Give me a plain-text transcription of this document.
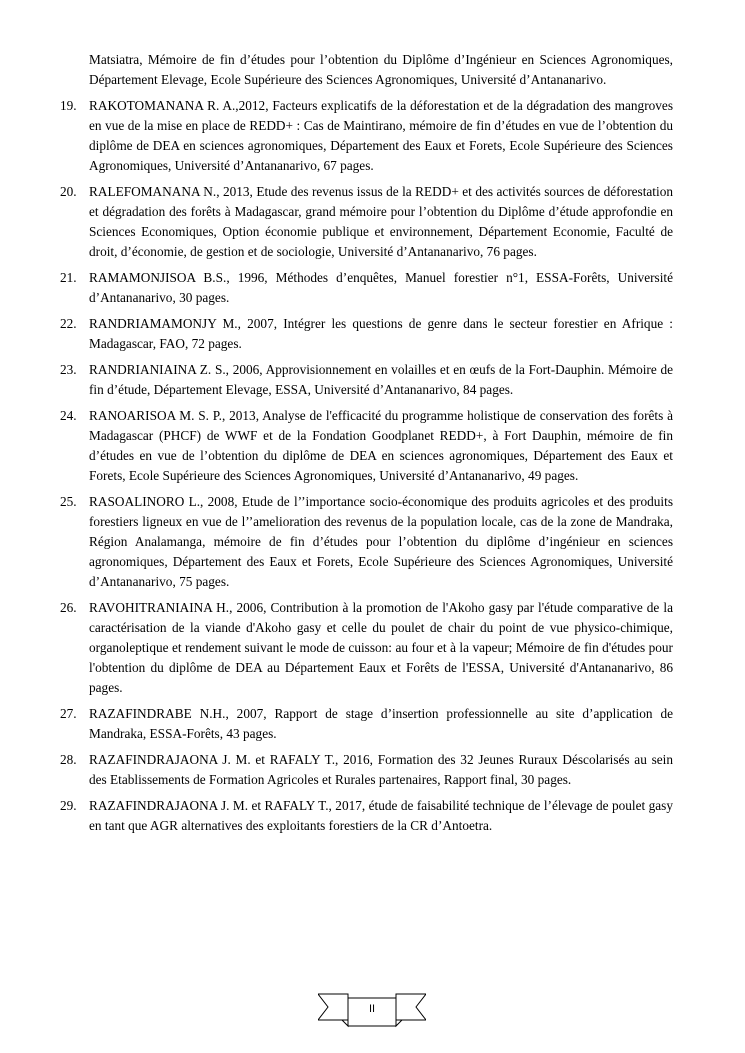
Matsiatra, Mémoire de fin d’études pour l’obtention du Diplôme d’Ingénieur en Sciences Agronomiques, Département Elevage, Ecole Supérieure des Sciences Agronomiques, Université d’Antananarivo.

19. RAKOTOMANANA R. A.,2012, Facteurs explicatifs de la déforestation et de la dégradation des mangroves en vue de la mise en place de REDD+ : Cas de Maintirano, mémoire de fin d’études en vue de l’obtention du diplôme de DEA en sciences agronomiques, Département des Eaux et Forets, Ecole Supérieure des Sciences Agronomiques, Université d’Antananarivo, 67 pages.
20. RALEFOMANANA N., 2013, Etude des revenus issus de la REDD+ et des activités sources de déforestation et dégradation des forêts à Madagascar, grand mémoire pour l’obtention du Diplôme d’étude approfondie en Sciences Economiques, Option économie publique et environnement, Département Economie, Faculté de droit, d’économie, de gestion et de sociologie, Université d’Antananarivo, 76 pages.
21. RAMAMONJISOA B.S., 1996, Méthodes d’enquêtes, Manuel forestier n°1, ESSA-Forêts, Université d’Antananarivo, 30 pages.
22. RANDRIAMAMONJY M., 2007, Intégrer les questions de genre dans le secteur forestier en Afrique : Madagascar, FAO, 72 pages.
23. RANDRIANIAINA Z. S., 2006, Approvisionnement en volailles et en œufs de la Fort-Dauphin. Mémoire de fin d’étude, Département Elevage, ESSA, Université d’Antananarivo, 84 pages.
24. RANOARISOA M. S. P., 2013, Analyse de l'efficacité du programme holistique de conservation des forêts à Madagascar (PHCF) de WWF et de la Fondation Goodplanet REDD+, à Fort Dauphin, mémoire de fin d’études en vue de l’obtention du diplôme de DEA en sciences agronomiques, Département des Eaux et Forets, Ecole Supérieure des Sciences Agronomiques, Université d’Antananarivo, 49 pages.
25. RASOALINORO L., 2008, Etude de l’’importance socio-économique des produits agricoles et des produits forestiers ligneux en vue de l’’amelioration des revenus de la population locale, cas de la zone de Mandraka, Région Analamanga, mémoire de fin d’études pour l’obtention du diplôme d’ingénieur en sciences agronomiques, Département des Eaux et Forets, Ecole Supérieure des Sciences Agronomiques, Université d’Antananarivo, 75 pages.
26. RAVOHITRANIAINA H., 2006, Contribution à la promotion de l'Akoho gasy par l'étude comparative de la caractérisation de la viande d'Akoho gasy et celle du poulet de chair du point de vue physico-chimique, organoleptique et rendement suivant le mode de cuisson: au four et à la vapeur; Mémoire de fin d'études pour l'obtention du diplôme de DEA au Département Eaux et Forêts de l'ESSA, Université d'Antananarivo, 86 pages.
27. RAZAFINDRABE N.H., 2007, Rapport de stage d’insertion professionnelle au site d’application de Mandraka, ESSA-Forêts, 43 pages.
28. RAZAFINDRAJAONA J. M. et RAFALY T., 2016, Formation des 32 Jeunes Ruraux Déscolarisés au sein des Etablissements de Formation Agricoles et Rurales partenaires, Rapport final, 30 pages.
29. RAZAFINDRAJAONA J. M. et RAFALY T., 2017, étude de faisabilité technique de l’élevage de poulet gasy en tant que AGR alternatives des exploitants forestiers de la CR d’Antoetra.
II
